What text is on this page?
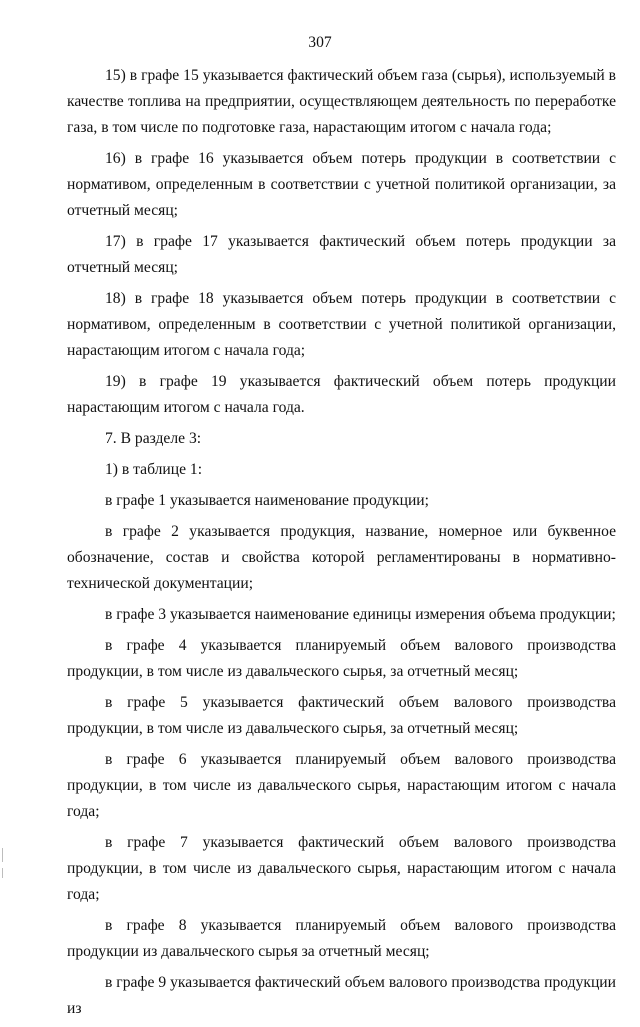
307

15) в графе 15 указывается фактический объем газа (сырья), используемый в качестве топлива на предприятии, осуществляющем деятельность по переработке газа, в том числе по подготовке газа, нарастающим итогом с начала года;

16) в графе 16 указывается объем потерь продукции в соответствии с нормативом, определенным в соответствии с учетной политикой организации, за отчетный месяц;

17) в графе 17 указывается фактический объем потерь продукции за отчетный месяц;

18) в графе 18 указывается объем потерь продукции в соответствии с нормативом, определенным в соответствии с учетной политикой организации, нарастающим итогом с начала года;

19) в графе 19 указывается фактический объем потерь продукции нарастающим итогом с начала года.

7. В разделе 3:

1) в таблице 1:

в графе 1 указывается наименование продукции;

в графе 2 указывается продукция, название, номерное или буквенное обозначение, состав и свойства которой регламентированы в нормативно-технической документации;

в графе 3 указывается наименование единицы измерения объема продукции;

в графе 4 указывается планируемый объем валового производства продукции, в том числе из давальческого сырья, за отчетный месяц;

в графе 5 указывается фактический объем валового производства продукции, в том числе из давальческого сырья, за отчетный месяц;

в графе 6 указывается планируемый объем валового производства продукции, в том числе из давальческого сырья, нарастающим итогом с начала года;

в графе 7 указывается фактический объем валового производства продукции, в том числе из давальческого сырья, нарастающим итогом с начала года;

в графе 8 указывается планируемый объем валового производства продукции из давальческого сырья за отчетный месяц;

в графе 9 указывается фактический объем валового производства продукции из
